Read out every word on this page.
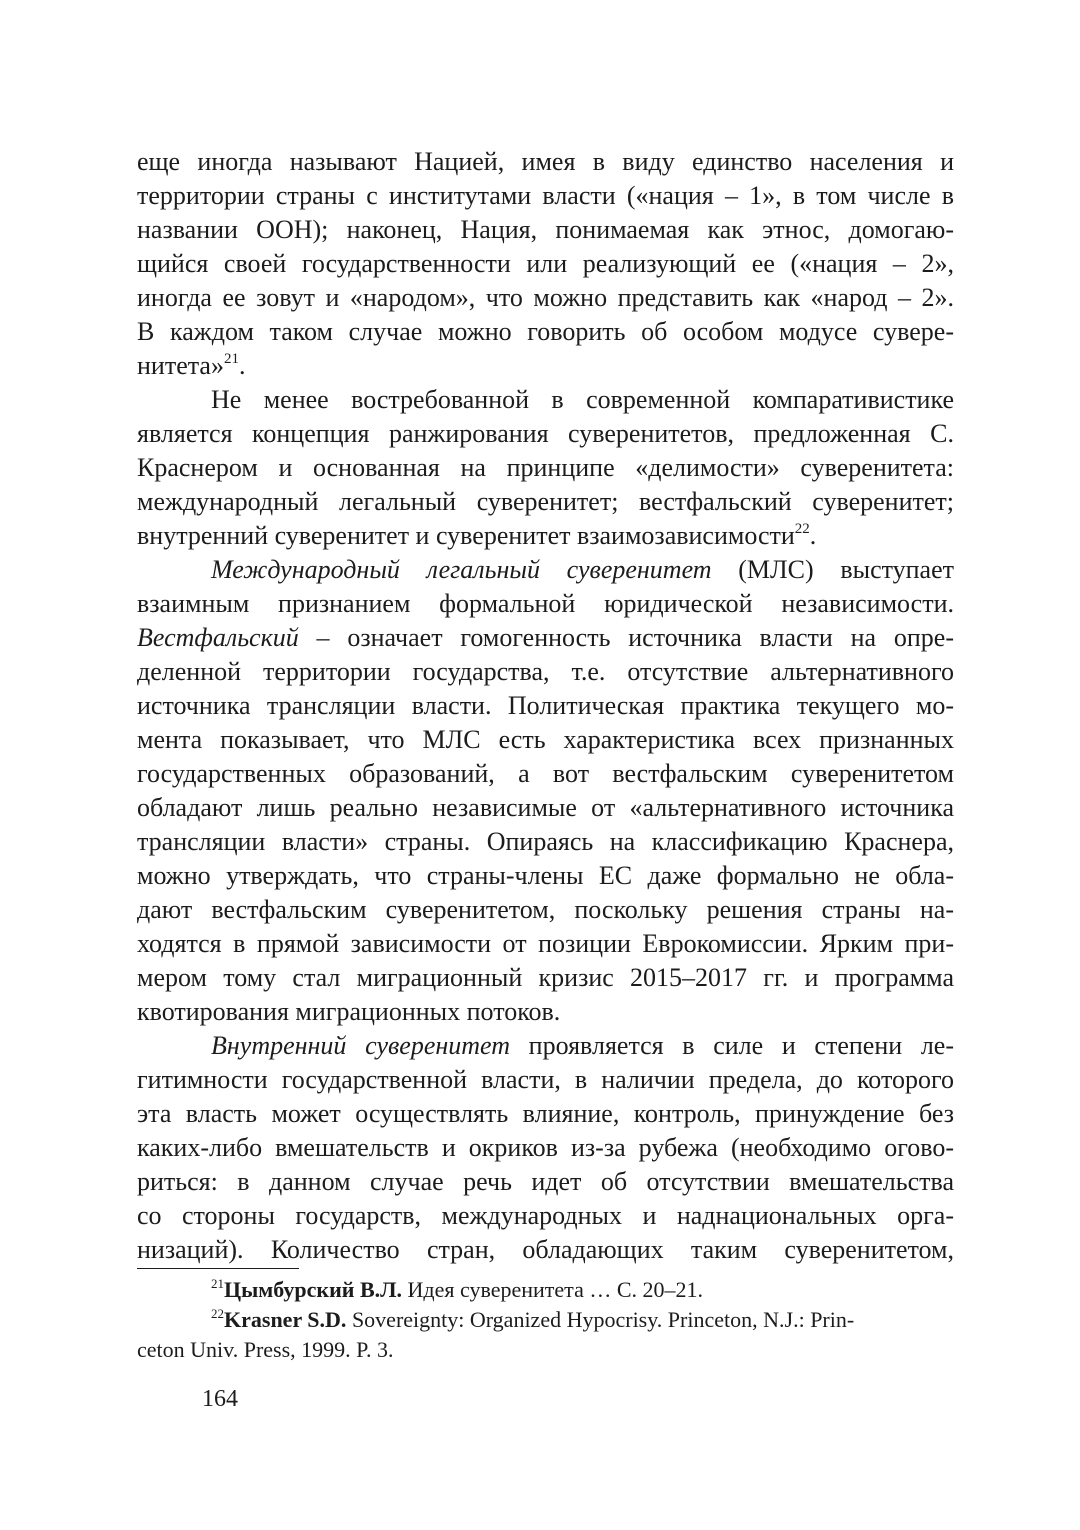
еще иногда называют Нацией, имея в виду единство населения и
территории страны с институтами власти («нация – 1», в том числе в
названии ООН); наконец, Нация, понимаемая как этнос, домогаю-
щийся своей государственности или реализующий ее («нация – 2»,
иногда ее зовут и «народом», что можно представить как «народ – 2».
В каждом таком случае можно говорить об особом модусе сувере-
нитета»$^{21}$.
Не менее востребованной в современной компаративистике
является концепция ранжирования суверенитетов, предложенная С.
Краснером и основанная на принципе «делимости» суверенитета:
международный легальный суверенитет; вестфальский суверенитет;
внутренний суверенитет и суверенитет взаимозависимости$^{22}$.
Международный легальный суверенитет (МЛС) выступает
взаимным признанием формальной юридической независимости.
Вестфальский – означает гомогенность источника власти на опре-
деленной территории государства, т.е. отсутствие альтернативного
источника трансляции власти. Политическая практика текущего мо-
мента показывает, что МЛС есть характеристика всех признанных
государственных образований, а вот вестфальским суверенитетом
обладают лишь реально независимые от «альтернативного источника
трансляции власти» страны. Опираясь на классификацию Краснера,
можно утверждать, что страны-члены ЕС даже формально не обла-
дают вестфальским суверенитетом, поскольку решения страны на-
ходятся в прямой зависимости от позиции Еврокомиссии. Ярким при-
мером тому стал миграционный кризис 2015–2017 гг. и программа
квотирования миграционных потоков.
Внутренний суверенитет проявляется в силе и степени ле-
гитимности государственной власти, в наличии предела, до которого
эта власть может осуществлять влияние, контроль, принуждение без
каких-либо вмешательств и окриков из-за рубежа (необходимо огово-
риться: в данном случае речь идет об отсутствии вмешательства
со стороны государств, международных и наднациональных орга-
низаций). Количество стран, обладающих таким суверенитетом,
$^{21}$Цымбурский В.Л. Идея суверенитета … С. 20–21.
$^{22}$Krasner S.D. Sovereignty: Organized Hypocrisy. Princeton, N.J.: Prin-
ceton Univ. Press, 1999. P. 3.
164
